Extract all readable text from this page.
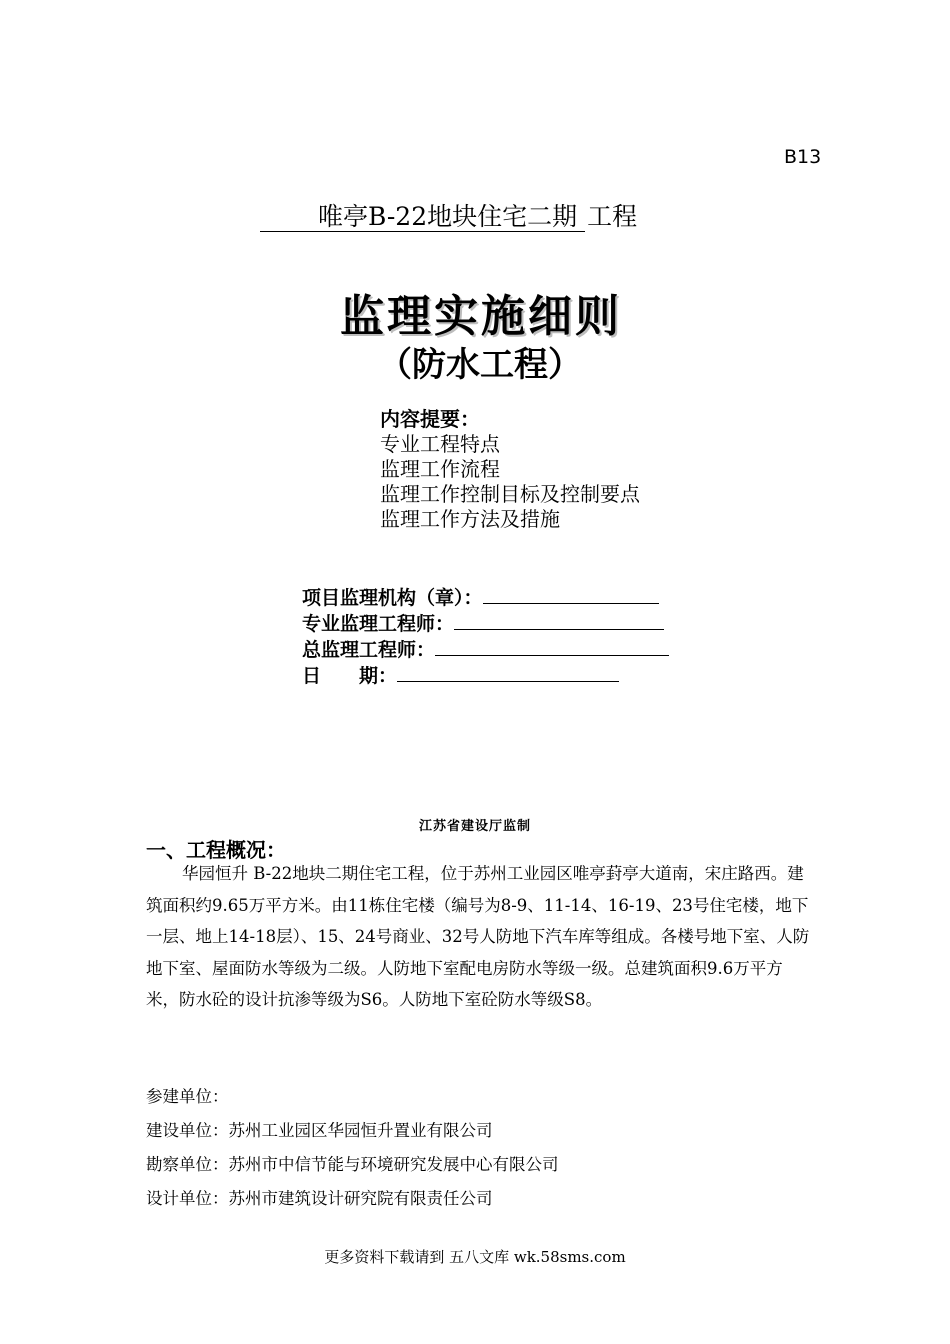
B13
唯亭B-22地块住宅二期 工程
监理实施细则
（防水工程）
内容提要：
专业工程特点
监理工作流程
监理工作控制目标及控制要点
监理工作方法及措施
项目监理机构（章）：
专业监理工程师：
总监理工程师：
日　　期：
江苏省建设厅监制
一、工程概况：

华园恒升 B-22地块二期住宅工程，位于苏州工业园区唯亭葑亭大道南，宋庄路西。建筑面积约9.65万平方米。由11栋住宅楼（编号为8-9、11-14、16-19、23号住宅楼，地下一层、地上14-18层）、15、24号商业、32号人防地下汽车库等组成。各楼号地下室、人防地下室、屋面防水等级为二级。人防地下室配电房防水等级一级。总建筑面积9.6万平方米，防水砼的设计抗渗等级为S6。人防地下室砼防水等级S8。

参建单位：
建设单位：苏州工业园区华园恒升置业有限公司
勘察单位：苏州市中信节能与环境研究发展中心有限公司
设计单位：苏州市建筑设计研究院有限责任公司
更多资料下载请到 五八文库 wk.58sms.com
